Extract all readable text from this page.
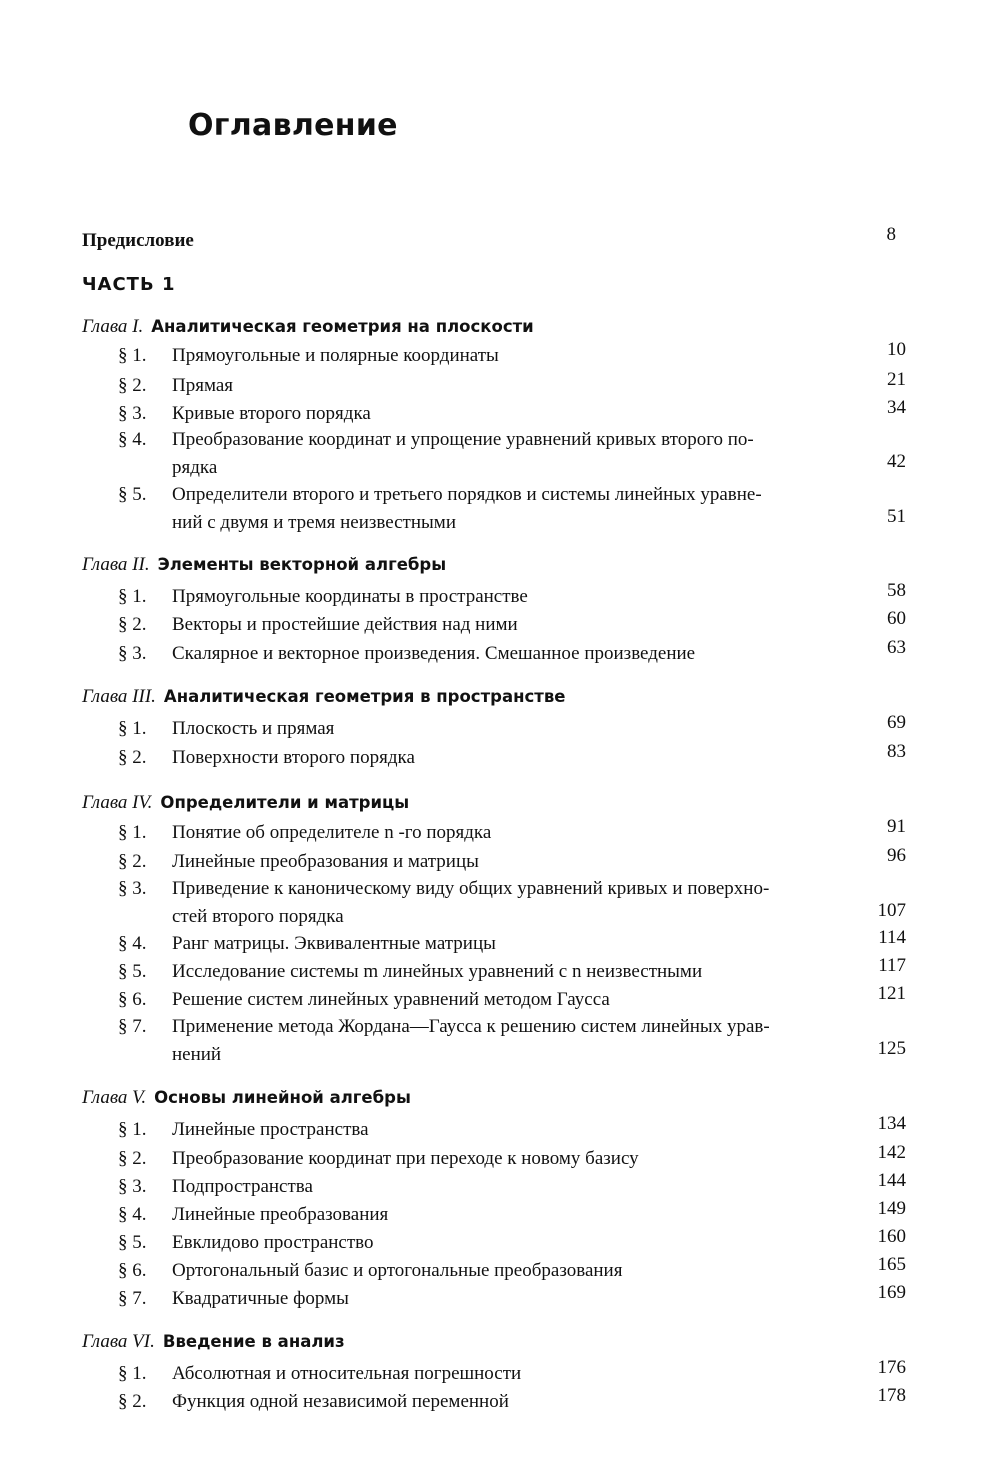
Оглавление
Предисловие	8
ЧАСТЬ 1
Глава I. Аналитическая геометрия на плоскости
§ 1. Прямоугольные и полярные координаты	10
§ 2. Прямая	21
§ 3. Кривые второго порядка	34
§ 4. Преобразование координат и упрощение уравнений кривых второго по-
рядка	42
§ 5. Определители второго и третьего порядков и системы линейных уравне-
ний с двумя и тремя неизвестными	51
Глава II. Элементы векторной алгебры
§ 1. Прямоугольные координаты в пространстве	58
§ 2. Векторы и простейшие действия над ними	60
§ 3. Скалярное и векторное произведения. Смешанное произведение	63
Глава III. Аналитическая геометрия в пространстве
§ 1. Плоскость и прямая	69
§ 2. Поверхности второго порядка	83
Глава IV. Определители и матрицы
§ 1. Понятие об определителе n -го порядка	91
§ 2. Линейные преобразования и матрицы	96
§ 3. Приведение к каноническому виду общих уравнений кривых и поверхно-
стей второго порядка	107
§ 4. Ранг матрицы. Эквивалентные матрицы	114
§ 5. Исследование системы m линейных уравнений с n неизвестными	117
§ 6. Решение систем линейных уравнений методом Гаусса	121
§ 7. Применение метода Жордана—Гаусса к решению систем линейных урав-
нений	125
Глава V. Основы линейной алгебры
§ 1. Линейные пространства	134
§ 2. Преобразование координат при переходе к новому базису	142
§ 3. Подпространства	144
§ 4. Линейные преобразования	149
§ 5. Евклидово пространство	160
§ 6. Ортогональный базис и ортогональные преобразования	165
§ 7. Квадратичные формы	169
Глава VI. Введение в анализ
§ 1. Абсолютная и относительная погрешности	176
§ 2. Функция одной независимой переменной	178
